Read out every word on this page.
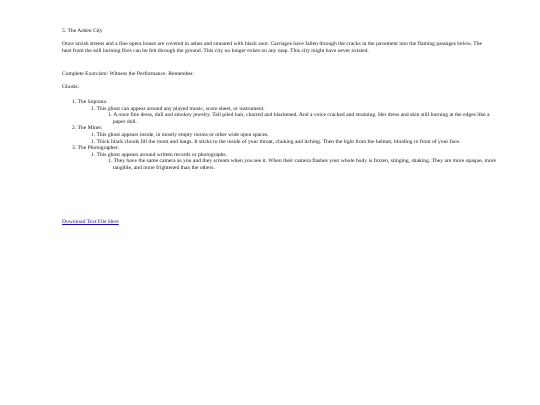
5. The Ashen City

Once lavish streets and a fine opera house are covered in ashes and smeared with black soot. Carriages have fallen through the cracks in the pavement into the flaming passages below. The heat from the still burning fires can be felt through the ground. This city no longer exists on any map. This city might have never existed.

Complete Exorcism: Witness the Performance. Remember.

Ghosts:

1. The Soprano.
1. This ghost can appear around any played music, score sheet, or instrument.
1. A once fine dress, dull and smokey jewelry. Tall piled hair, charred and blackened. And a voice cracked and straining. Her dress and skin still burning at the edges like a paper doll.
2. The Miner.
1. This ghost appears inside, in mostly empty rooms or other wide open spaces.
1. Thick black clouds fill the room and lungs. It sticks to the inside of your throat, choking and itching. Then the light from the helmet, blinding in front of your face.
3. The Photographer.
1. This ghost appears around written records or photographs.
1. They have the same camera as you and they scream when you see it. When their camera flashes your whole body is frozen, stinging, shaking. They are more opaque, more tangible, and more frightened than the others.
Download Text File Here
